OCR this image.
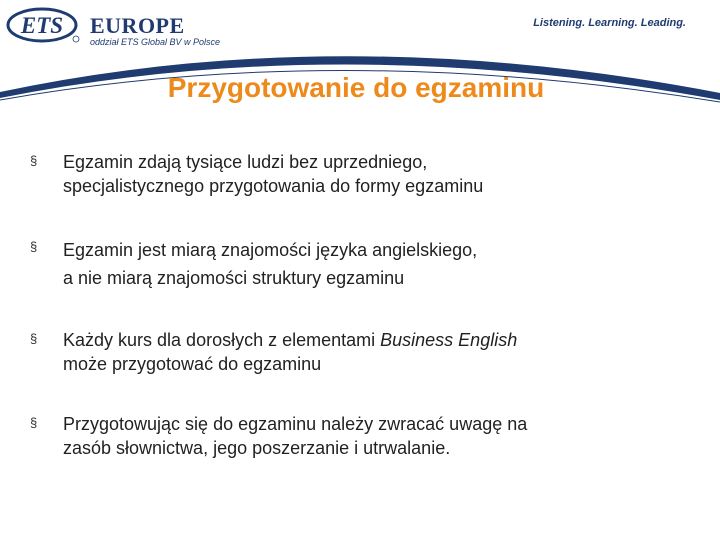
ETS EUROPE
oddział ETS Global BV w Polsce
Listening. Learning. Leading.
Przygotowanie do egzaminu
§ Egzamin zdają tysiące ludzi bez uprzedniego,
specjalistycznego przygotowania do formy egzaminu
§ Egzamin jest miarą znajomości języka angielskiego,
a nie miarą znajomości struktury egzaminu
§ Każdy kurs dla dorosłych z elementami Business English
może przygotować do egzaminu
§ Przygotowując się do egzaminu należy zwracać uwagę na
zasób słownictwa, jego poszerzanie i utrwalanie.
